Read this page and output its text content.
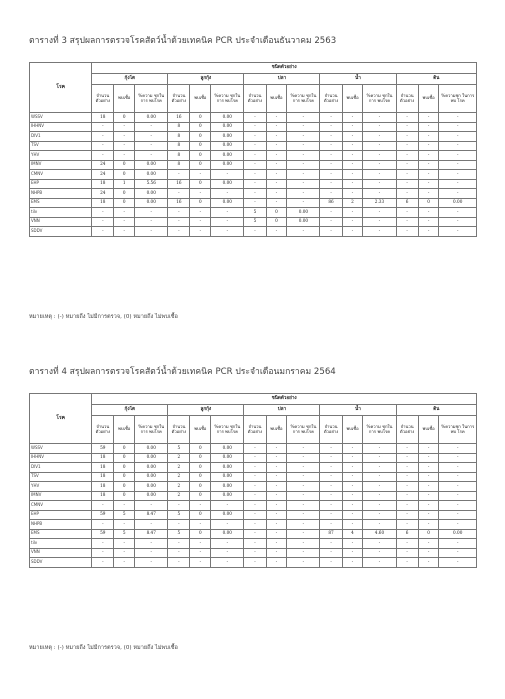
ตารางที่ 3 สรุปผลการตรวจโรคสัตว์น้ำด้วยเทคนิค PCR ประจำเดือนธันวาคม 2563
โรค	ชนิดตัวอย่าง														
	กุ้งโต			ลูกกุ้ง			ปลา			น้ำ			ดิน		
	จำนวน ตัวอย่าง	พบเชื้อ	%ความ ชุกในการ พบโรค	จำนวน ตัวอย่าง	พบเชื้อ	%ความ ชุกในการ พบโรค	จำนวน ตัวอย่าง	พบเชื้อ	%ความ ชุกในการ พบโรค	จำนวน ตัวอย่าง	พบเชื้อ	%ความ ชุกในการ พบโรค	จำนวน ตัวอย่าง	พบเชื้อ	%ความชุก ในการพบ โรค
WSSV	18	0	0.00	16	0	0.00	-	-	-	-	-	-	-	-	-
IHHNV	-	-	-	8	0	0.00	-	-	-	-	-	-	-	-	-
DIV1	-	-	-	8	0	0.00	-	-	-	-	-	-	-	-	-
TSV	-	-	-	8	0	0.00	-	-	-	-	-	-	-	-	-
YHV	-	-	-	8	0	0.00	-	-	-	-	-	-	-	-	-
IMNV	24	0	0.00	8	0	0.00	-	-	-	-	-	-	-	-	-
CMNV	24	0	0.00	-	-	-	-	-	-	-	-	-	-	-	-
EHP	18	1	5.56	16	0	0.00	-	-	-	-	-	-	-	-	-
NHPB	24	0	0.00	-	-	-	-	-	-	-	-	-	-	-	-
EMS	18	0	0.00	16	0	0.00	-	-	-	86	2	2.33	6	0	0.00
tilv	-	-	-	-	-	-	5	0	0.00	-	-	-	-	-	-
VNN	-	-	-	-	-	-	5	0	0.00	-	-	-	-	-	-
SDDV	-	-	-	-	-	-	-	-	-	-	-	-	-	-	-
หมายเหตุ : (-) หมายถึง ไม่มีการตรวจ, (0) หมายถึง ไม่พบเชื้อ
ตารางที่ 4 สรุปผลการตรวจโรคสัตว์น้ำด้วยเทคนิค PCR ประจำเดือนมกราคม 2564
โรค	ชนิดตัวอย่าง														
	กุ้งโต			ลูกกุ้ง			ปลา			น้ำ			ดิน		
	จำนวน ตัวอย่าง	พบเชื้อ	%ความ ชุกในการ พบโรค	จำนวน ตัวอย่าง	พบเชื้อ	%ความ ชุกในการ พบโรค	จำนวน ตัวอย่าง	พบเชื้อ	%ความ ชุกในการ พบโรค	จำนวน ตัวอย่าง	พบเชื้อ	%ความ ชุกในการ พบโรค	จำนวน ตัวอย่าง	พบเชื้อ	%ความชุก ในการพบ โรค
WSSV	59	0	0.00	5	0	0.00	-	-	-	-	-	-	-	-	-
IHHNV	18	0	0.00	2	0	0.00	-	-	-	-	-	-	-	-	-
DIV1	18	0	0.00	2	0	0.00	-	-	-	-	-	-	-	-	-
TSV	18	0	0.00	2	0	0.00	-	-	-	-	-	-	-	-	-
YHV	18	0	0.00	2	0	0.00	-	-	-	-	-	-	-	-	-
IMNV	18	0	0.00	2	0	0.00	-	-	-	-	-	-	-	-	-
CMNV	-	-	-	-	-	-	-	-	-	-	-	-	-	-	-
EHP	59	5	8.47	5	0	0.00	-	-	-	-	-	-	-	-	-
NHPB	-	-	-	-	-	-	-	-	-	-	-	-	-	-	-
EMS	59	5	8.47	5	0	0.00	-	-	-	87	4	4.60	6	0	0.00
tilv	-	-	-	-	-	-	-	-	-	-	-	-	-	-	-
VNN	-	-	-	-	-	-	-	-	-	-	-	-	-	-	-
SDDV	-	-	-	-	-	-	-	-	-	-	-	-	-	-	-
หมายเหตุ : (-) หมายถึง ไม่มีการตรวจ, (0) หมายถึง ไม่พบเชื้อ
